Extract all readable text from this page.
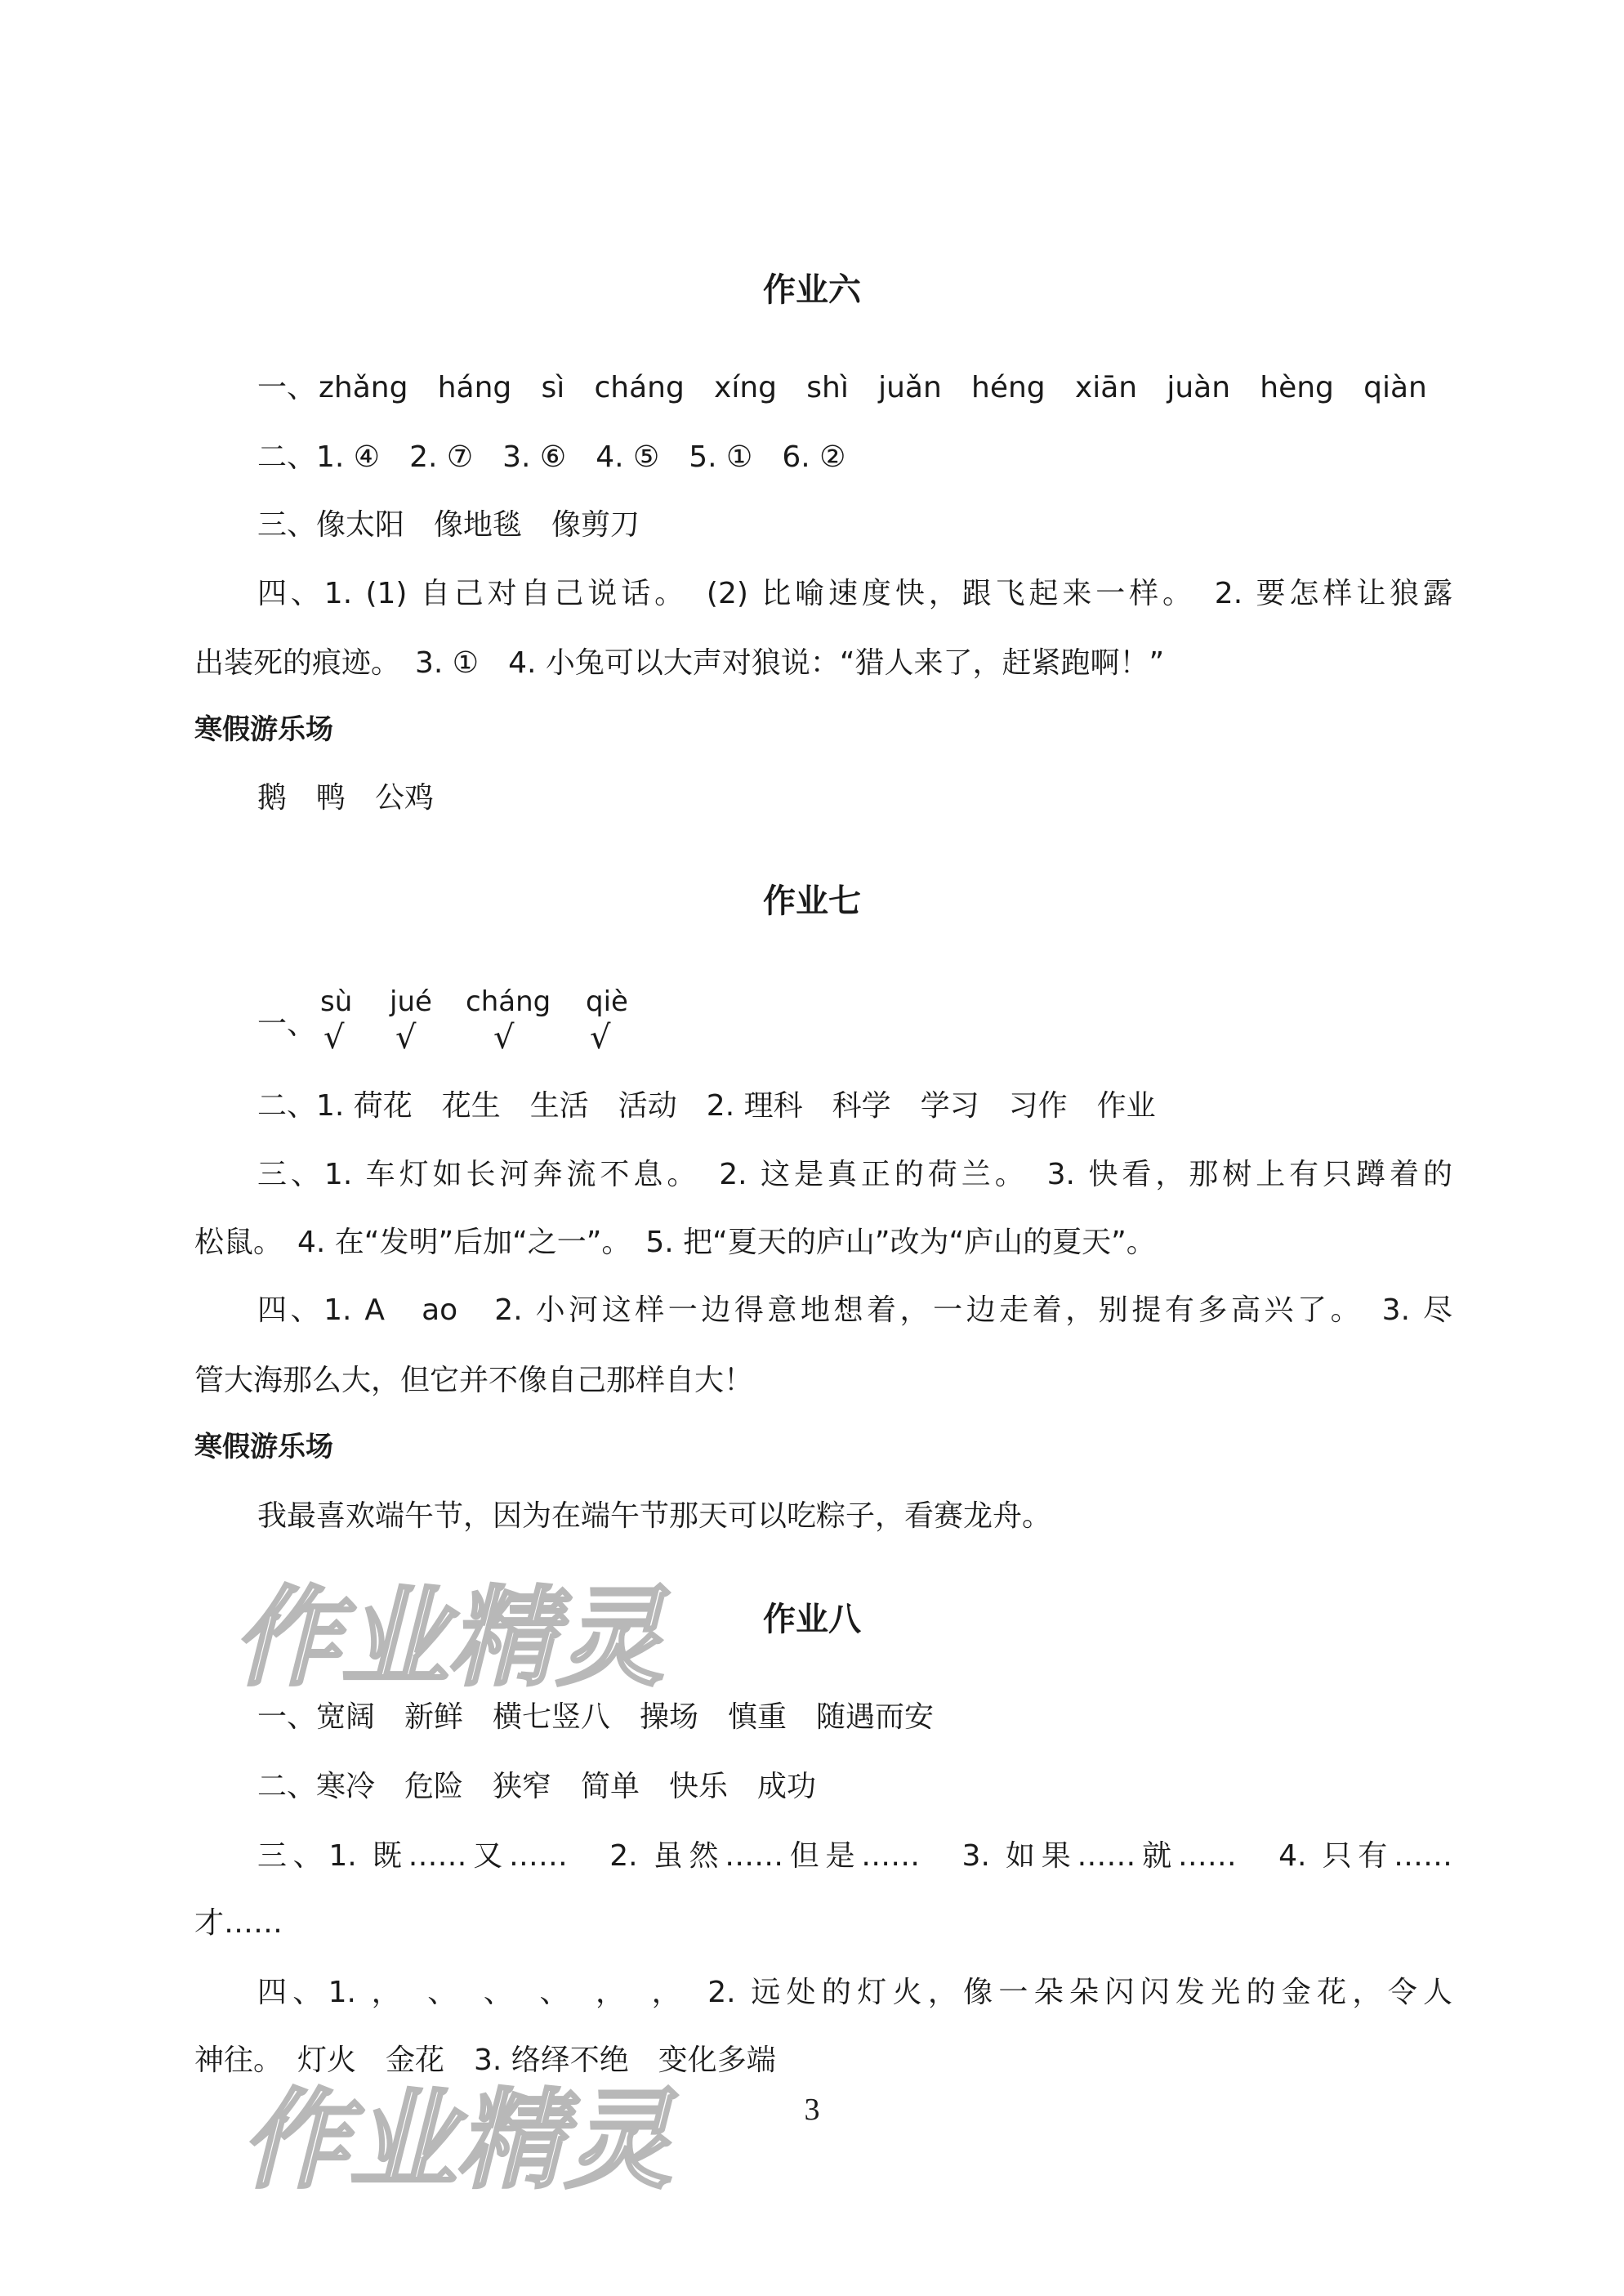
作业六
一、 zhǎng háng sì cháng xíng shì juǎn héng xiān juàn hèng qiàn
二、1. ④　2. ⑦　3. ⑥　4. ⑤　5. ①　6. ②
三、像太阳　像地毯　像剪刀
四、1. (1) 自己对自己说话。　(2) 比喻速度快，跟飞起来一样。　2. 要怎样让狼露
出装死的痕迹。　3. ①　4. 小兔可以大声对狼说：“猎人来了，赶紧跑啊！”
寒假游乐场
鹅　鸭　公鸡
作业七
一、
sù jué cháng qiè
√ √ √ √
二、1. 荷花　花生　生活　活动　2. 理科　科学　学习　习作　作业
三、1. 车灯如长河奔流不息。　2. 这是真正的荷兰。　3. 快看，那树上有只蹲着的
松鼠。　4. 在“发明”后加“之一”。　5. 把“夏天的庐山”改为“庐山的夏天”。
四、1. A　ao　2. 小河这样一边得意地想着，一边走着，别提有多高兴了。　3. 尽
管大海那么大，但它并不像自己那样自大！
寒假游乐场
我最喜欢端午节，因为在端午节那天可以吃粽子，看赛龙舟。
作业八
一、宽阔　新鲜　横七竖八　操场　慎重　随遇而安
二、寒冷　危险　狭窄　简单　快乐　成功
三、1. 既……又……　2. 虽然……但是……　3. 如果……就……　4. 只有……
才……
四、1. ，　、　、　、　，　，　2. 远处的灯火，像一朵朵闪闪发光的金花，令人
神往。　灯火　金花　3. 络绎不绝　变化多端
3
作业精灵
作业精灵
